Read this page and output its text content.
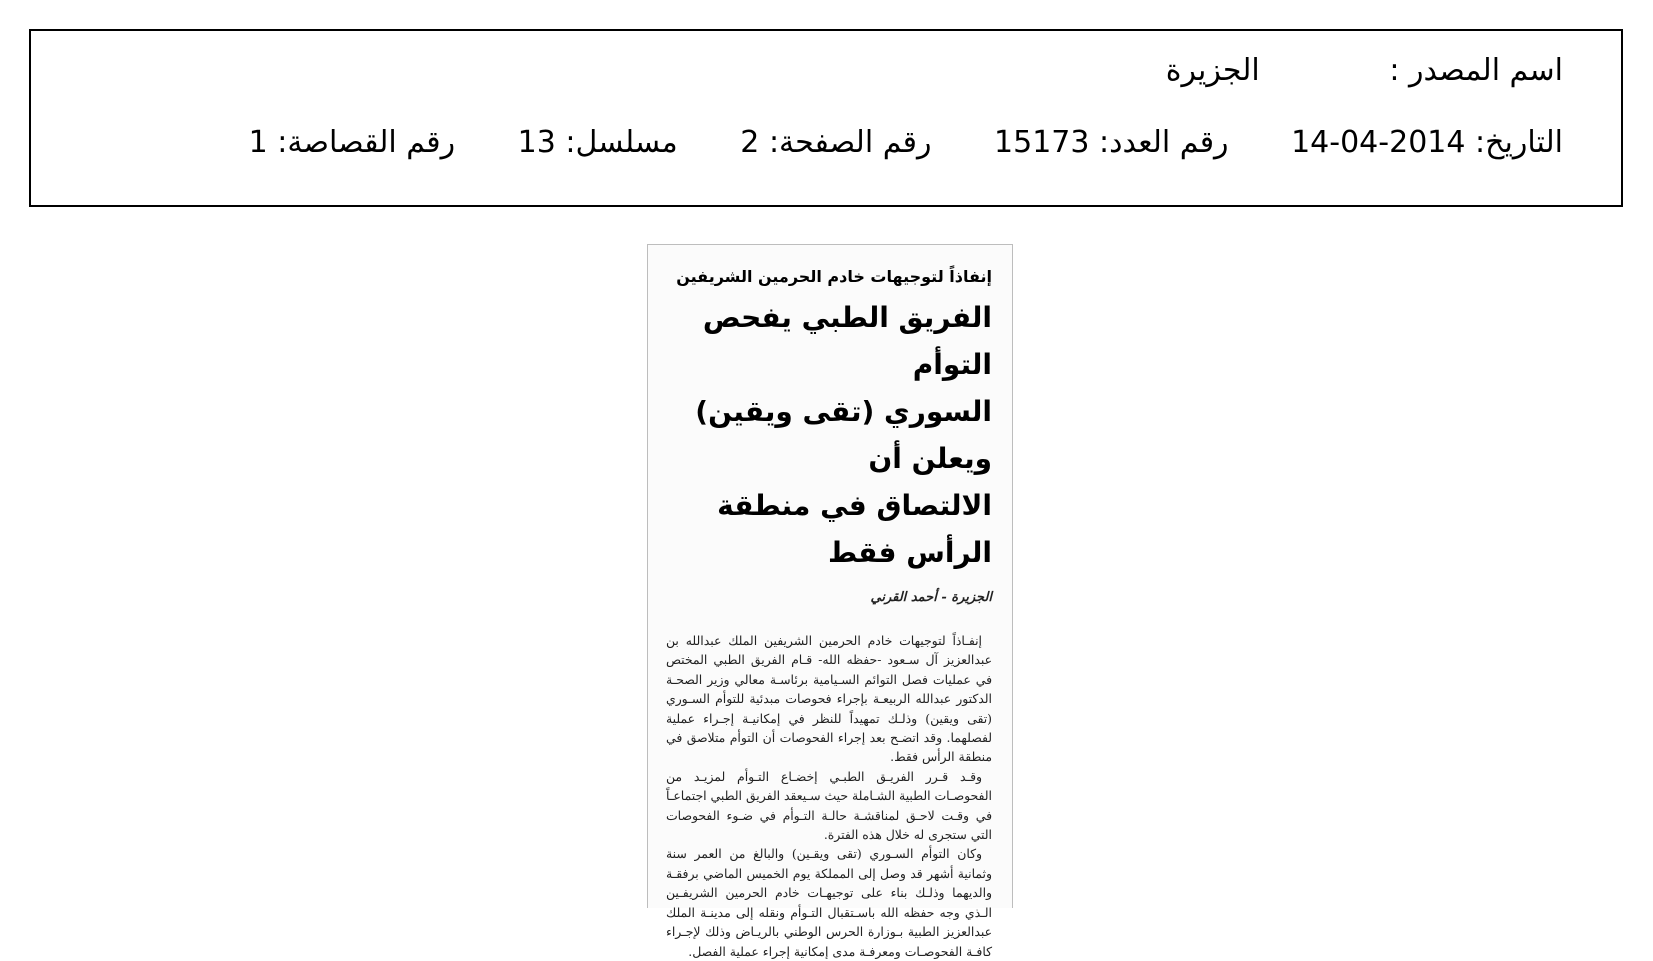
اسم المصدر : الجزيرة
التاريخ: 2014-04-14 رقم العدد: 15173 رقم الصفحة: 2 مسلسل: 13 رقم القصاصة: 1
إنفاذاً لتوجيهات خادم الحرمين الشريفين
الفريق الطبي يفحص التوأم
السوري (تقى ويقين) ويعلن أن
الالتصاق في منطقة الرأس فقط
الجزيرة - أحمد القرني

إنفـاذاً لتوجيهات خادم الحرمين الشريفين الملك عبدالله بن عبدالعزيز آل سـعود -حفظه الله- قـام الفريق الطبي المختص في عمليات فصل التوائم السـيامية برئاسـة معالي وزير الصحـة الدكتور عبدالله الربيعـة بإجراء فحوصات مبدئية للتوأم السـوري (تقى ويقين) وذلـك تمهيداً للنظر في إمكانيـة إجـراء عملية لفصلهما. وقد اتضـح بعد إجراء الفحوصات أن التوأم متلاصق في منطقة الرأس فقط.

وقـد قـرر الفريـق الطبـي إخضـاع التـوأم لمزيـد من الفحوصـات الطبية الشـاملة حيث سـيعقد الفريق الطبي اجتماعـاً في وقـت لاحـق لمناقشـة حالـة التـوأم في ضـوء الفحوصات التي ستجرى له خلال هذه الفترة.

وكان التوأم السـوري (تقى ويقـين) والبالغ من العمر سنة وثمانية أشهر قد وصل إلى المملكة يوم الخميس الماضي برفقـة والديهما وذلـك بناء على توجيهـات خادم الحرمين الشريفـين الـذي وجه حفظه الله باسـتقبال التـوأم ونقله إلى مدينـة الملك عبدالعزيز الطبية بـوزارة الحرس الوطني بالريـاض وذلك لإجـراء كافـة الفحوصـات ومعرفـة مدى إمكانية إجراء عملية الفصل.
